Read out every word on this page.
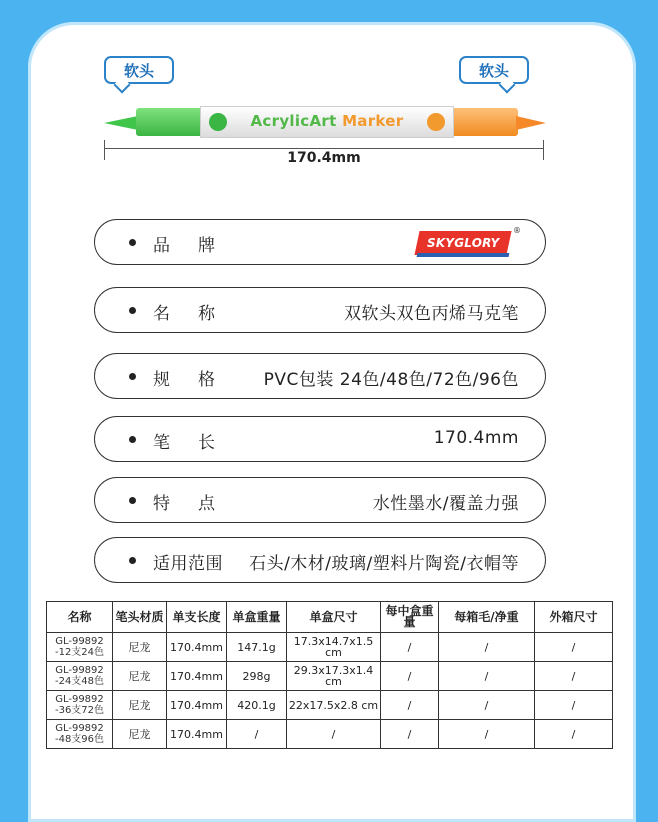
软头	软头
AcrylicArt Marker
170.4mm
品牌	SKYGLORY
®
名称	双软头双色丙烯马克笔
规格 PVC包装 24色/48色/72色/96色
笔长	170.4mm
特点	水性墨水/覆盖力强
适用范围 石头/木材/玻璃/塑料片陶瓷/衣帽等
名称	笔头材质	单支长度	单盒重量	单盒尺寸	每中盒重量	每箱毛/净重	外箱尺寸
GL-99892 -12支24色	尼龙	170.4mm	147.1g	17.3x14.7x1.5 cm	/	/	/
GL-99892 -24支48色	尼龙	170.4mm	298g	29.3x17.3x1.4 cm	/	/	/
GL-99892 -36支72色	尼龙	170.4mm	420.1g	22x17.5x2.8 cm	/	/	/
GL-99892 -48支96色	尼龙	170.4mm	/	/	/	/	/
